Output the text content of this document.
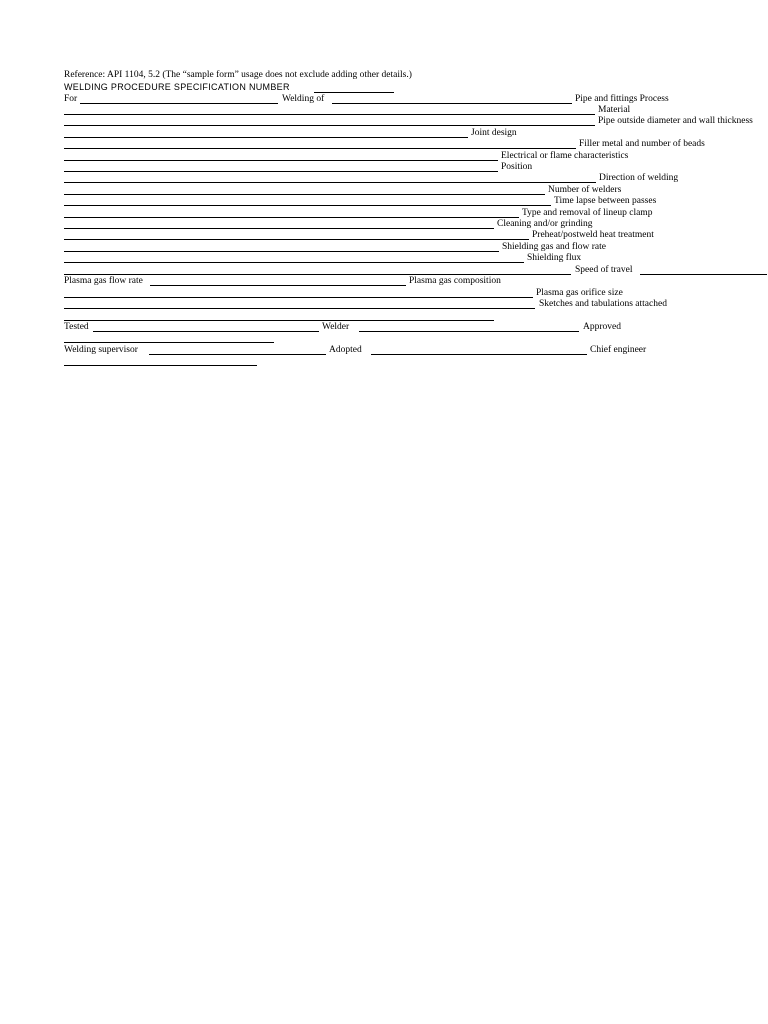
Reference: API 1104, 5.2 (The “sample form” usage does not exclude adding other details.)
WELDING PROCEDURE SPECIFICATION NUMBER
For	Welding of	Pipe and fittings Process
Material
Pipe outside diameter and wall thickness
Joint design
Filler metal and number of beads
Electrical or flame characteristics
Position
Direction of welding
Number of welders
Time lapse between passes
Type and removal of lineup clamp
Cleaning and/or grinding
Preheat/postweld heat treatment
Shielding gas and flow rate
Shielding flux
Speed of travel
Plasma gas flow rate	Plasma gas composition
Plasma gas orifice size
Sketches and tabulations attached
Tested	Welder	Approved
Welding supervisor	Adopted	Chief engineer
